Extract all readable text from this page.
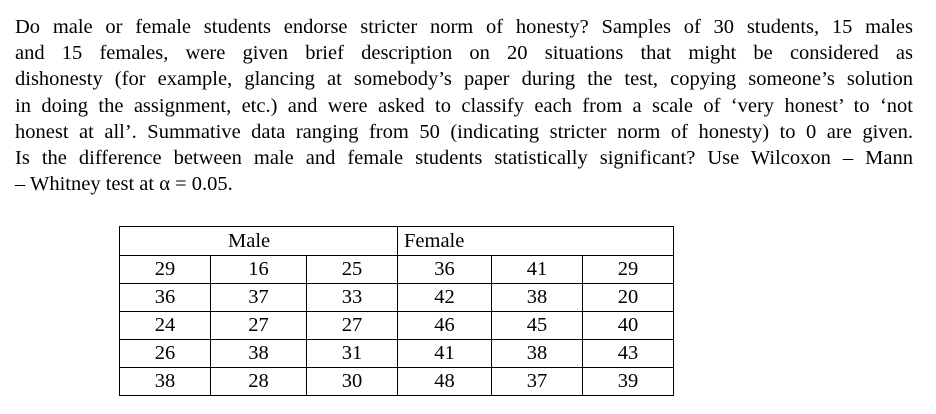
Do male or female students endorse stricter norm of honesty? Samples of 30 students, 15 males
and 15 females, were given brief description on 20 situations that might be considered as
dishonesty (for example, glancing at somebody’s paper during the test, copying someone’s solution
in doing the assignment, etc.) and were asked to classify each from a scale of ‘very honest’ to ‘not
honest at all’. Summative data ranging from 50 (indicating stricter norm of honesty) to 0 are given.
Is the difference between male and female students statistically significant? Use Wilcoxon – Mann
– Whitney test at α = 0.05.
Male			Female		
29	16	25	36	41	29
36	37	33	42	38	20
24	27	27	46	45	40
26	38	31	41	38	43
38	28	30	48	37	39
